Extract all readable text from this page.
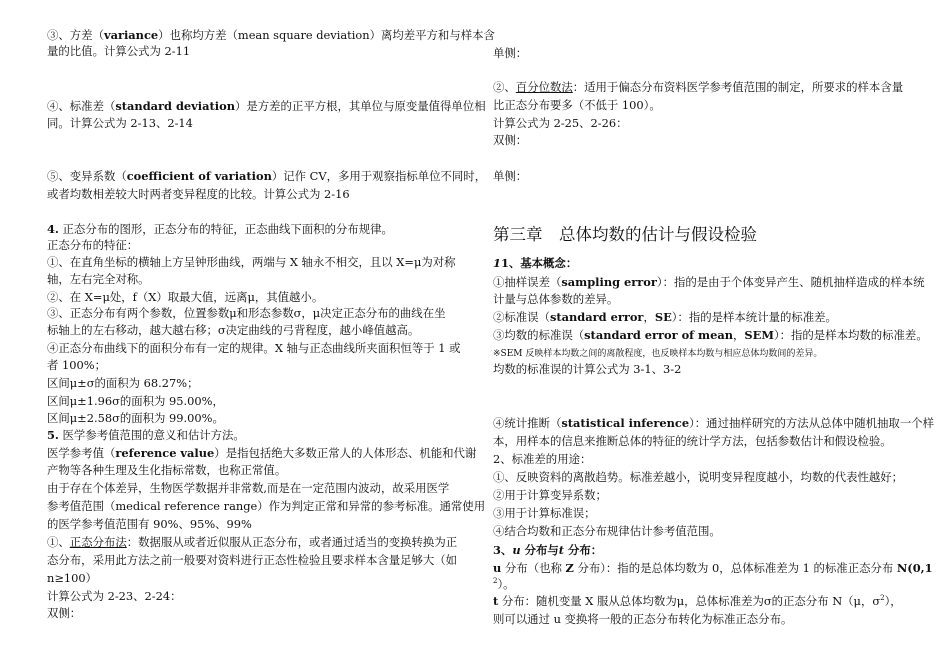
③、方差（variance）也称均方差（mean square deviation）离均差平方和与样本含
量的比值。计算公式为 2-11
④、标准差（standard deviation）是方差的正平方根，其单位与原变量值得单位相
同。计算公式为 2-13、2-14
⑤、变异系数（coefficient of variation）记作 CV，多用于观察指标单位不同时，
或者均数相差较大时两者变异程度的比较。计算公式为 2-16
4. 正态分布的图形，正态分布的特征，正态曲线下面积的分布规律。
正态分布的特征：
①、在直角坐标的横轴上方呈钟形曲线，两端与 X 轴永不相交，且以 X=μ为对称
轴，左右完全对称。
②、在 X=μ处，f（X）取最大值，远离μ，其值越小。
③、正态分布有两个参数，位置参数μ和形态参数σ，μ决定正态分布的曲线在坐
标轴上的左右移动，越大越右移；σ决定曲线的弓背程度，越小峰值越高。
④正态分布曲线下的面积分布有一定的规律。X 轴与正态曲线所夹面积恒等于 1 或
者 100%；
区间μ±σ的面积为 68.27%；
区间μ±1.96σ的面积为 95.00%，
区间μ±2.58σ的面积为 99.00%。
5. 医学参考值范围的意义和估计方法。
医学参考值（reference value）是指包括绝大多数正常人的人体形态、机能和代谢
产物等各种生理及生化指标常数，也称正常值。
由于存在个体差异，生物医学数据并非常数,而是在一定范围内波动，故采用医学
参考值范围（medical reference range）作为判定正常和异常的参考标准。通常使用
的医学参考值范围有 90%、95%、99%
①、正态分布法：数据服从或者近似服从正态分布，或者通过适当的变换转换为正
态分布，采用此方法之前一般要对资料进行正态性检验且要求样本含量足够大（如
n≥100）
计算公式为 2-23、2-24：
双侧：
单侧：
②、百分位数法：适用于偏态分布资料医学参考值范围的制定，所要求的样本含量
比正态分布要多（不低于 100）。
计算公式为 2-25、2-26：
双侧：
单侧：
第三章　总体均数的估计与假设检验
11、基本概念：
①抽样误差（sampling error）：指的是由于个体变异产生、随机抽样造成的样本统
计量与总体参数的差异。
②标准误（standard error，SE）：指的是样本统计量的标准差。
③均数的标准误（standard error of mean，SEM）：指的是样本均数的标准差。
※SEM 反映样本均数之间的离散程度，也反映样本均数与相应总体均数间的差异。
均数的标准误的计算公式为 3-1、3-2
④统计推断（statistical inference）：通过抽样研究的方法从总体中随机抽取一个样
本，用样本的信息来推断总体的特征的统计学方法，包括参数估计和假设检验。
2、标准差的用途：
①、反映资料的离散趋势。标准差越小，说明变异程度越小，均数的代表性越好；
②用于计算变异系数；
③用于计算标准误；
④结合均数和正态分布规律估计参考值范围。
3、u 分布与t 分布：
u 分布（也称 Z 分布）：指的是总体均数为 0，总体标准差为 1 的标准正态分布 N(0,1
$^2$）。
t 分布：随机变量 X 服从总体均数为μ，总体标准差为σ的正态分布 N（μ，$\sigma^2$），
则可以通过 u 变换将一般的正态分布转化为标准正态分布。
